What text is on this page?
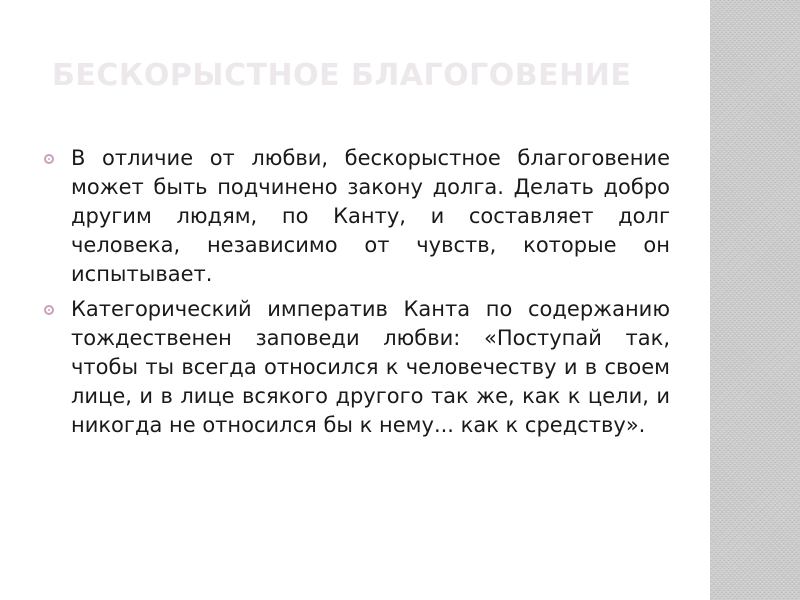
БЕСКОРЫСТНОЕ БЛАГОГОВЕНИЕ
В отличие от любви, бескорыстное благоговение может быть подчинено закону долга. Делать добро другим людям, по Канту, и составляет долг человека, независимо от чувств, которые он испытывает.
Категорический императив Канта по содержанию тождественен заповеди любви: «Поступай так, чтобы ты всегда относился к человечеству и в своем лице, и в лице всякого другого так же, как к цели, и никогда не относился бы к нему... как к средству».
